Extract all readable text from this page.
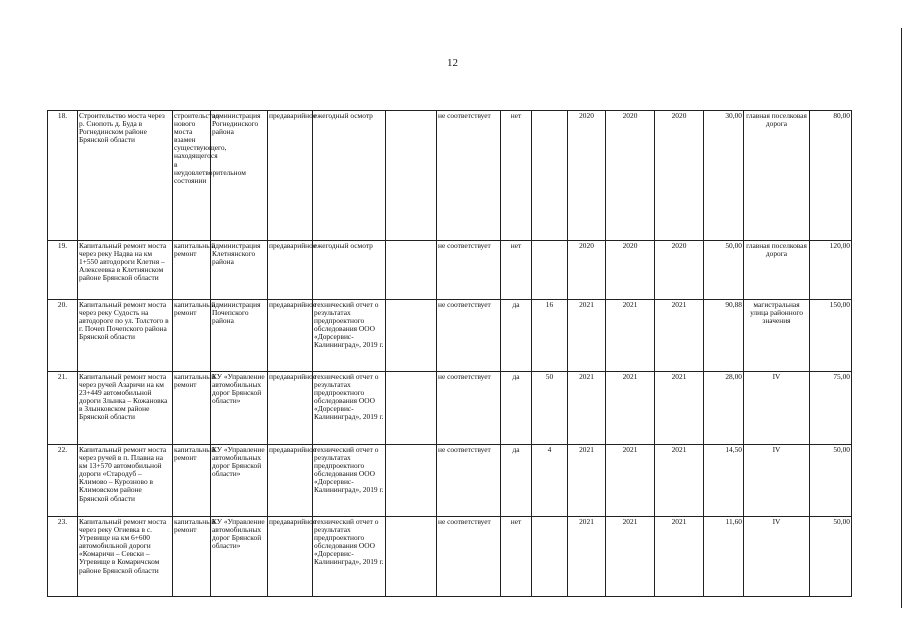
12
18.	Строительство моста через р. Снопоть д. Буда в Рогнединском районе Брянской области	строительство нового моста взамен существующего, находящегося в неудовлетворительном состоянии	администрация Рогнединского района	предаварийное	ежегодный осмотр		не соответствует	нет		2020	2020	2020	30,00	главная поселковая дорога	80,00
19.	Капитальный ремонт моста через реку Надва на км 1+550 автодороги Клетня – Алексеевка в Клетнянском районе Брянской области	капитальный ремонт	администрация Клетнянского района	предаварийное	ежегодный осмотр		не соответствует	нет		2020	2020	2020	50,00	главная поселковая дорога	120,00
20.	Капитальный ремонт моста через реку Судость на автодороге по ул. Толстого в г. Почеп Почепского района Брянской области	капитальный ремонт	администрация Почепского района	предаварийное	технический отчет о результатах предпроектного обследования ООО «Дорсервис-Калининград», 2019 г.		не соответствует	да	16	2021	2021	2021	90,88	магистральная улица районного значения	150,00
21.	Капитальный ремонт моста через ручей Азаричи на км 23+449 автомобильной дороги Злынка – Кожановка в Злынковском районе Брянской области	капитальный ремонт	КУ «Управление автомобильных дорог Брянской области»	предаварийное	технический отчет о результатах предпроектного обследования ООО «Дорсервис-Калининград», 2019 г.		не соответствует	да	50	2021	2021	2021	28,00	IV	75,00
22.	Капитальный ремонт моста через ручей в п. Плавна на км 13+570 автомобильной дороги «Стародуб – Климово – Курозново в Климовском районе Брянской области	капитальный ремонт	КУ «Управление автомобильных дорог Брянской области»	предаварийное	технический отчет о результатах предпроектного обследования ООО «Дорсервис-Калининград», 2019 г.		не соответствует	да	4	2021	2021	2021	14,50	IV	50,00
23.	Капитальный ремонт моста через реку Огиевка в с. Угревище на км 6+600 автомобильной дороги «Комаричи – Севски – Угревище в Комаричском районе Брянской области	капитальный ремонт	КУ «Управление автомобильных дорог Брянской области»	предаварийное	технический отчет о результатах предпроектного обследования ООО «Дорсервис-Калининград», 2019 г.		не соответствует	нет		2021	2021	2021	11,60	IV	50,00
